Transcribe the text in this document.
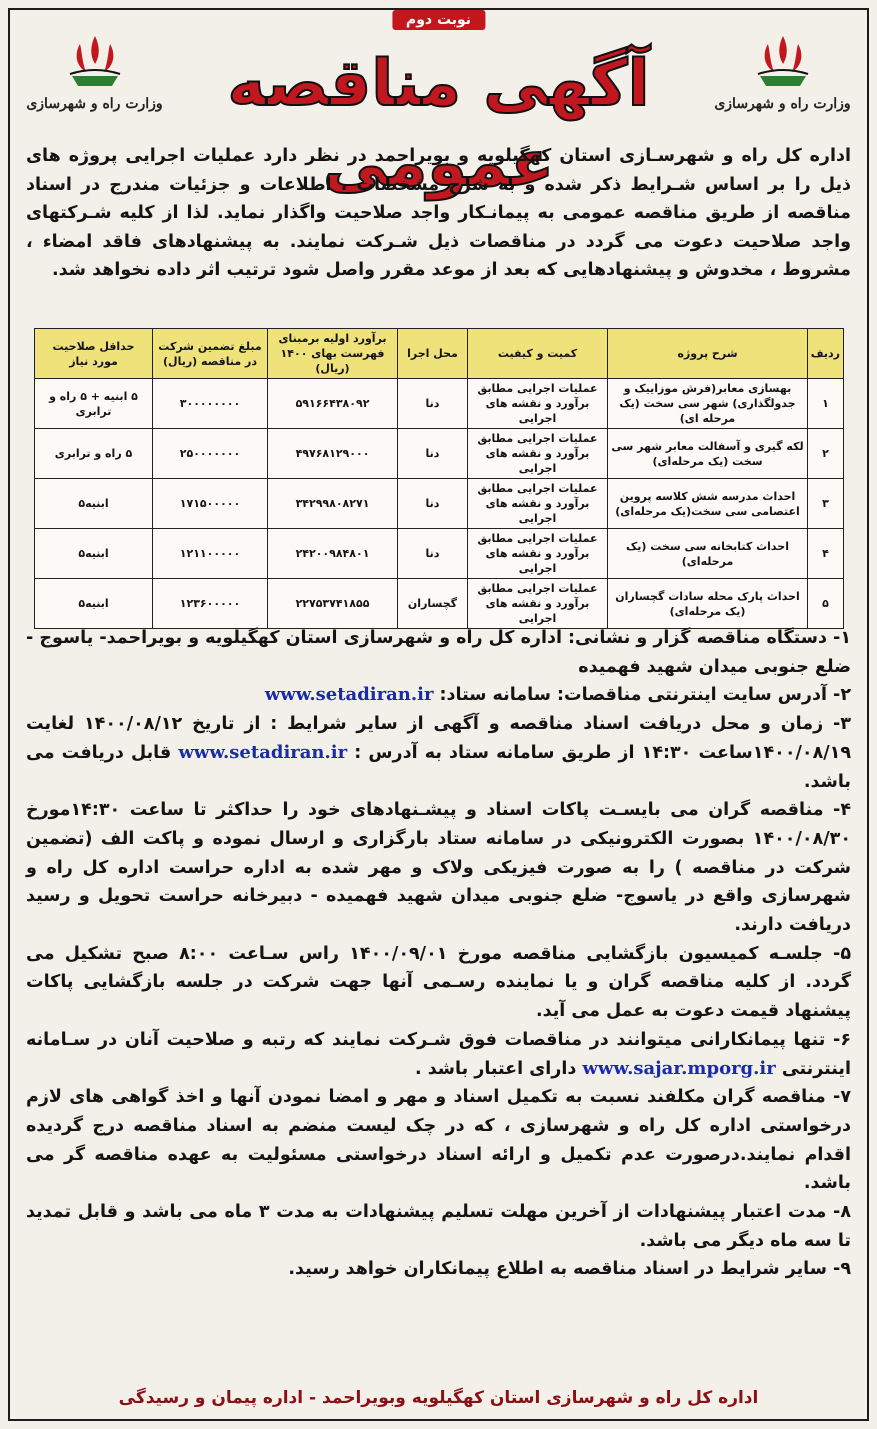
نوبت دوم
وزارت راه و شهرسازی	وزارت راه و شهرسازی
آگهی مناقصه عمومی
اداره کل راه و شهرسـازی استان کهگیلویه و بویراحمد در نظر دارد عملیات اجرایی پروژه های ذیل را بر اساس شـرایط ذکر شده و به شرح مشخصات ، اطلاعات و جزئیات مندرج در اسناد مناقصه از طریق مناقصه عمومی به پیمانـکار واجد صلاحیت واگذار نماید. لذا از کلیه شـرکتهای واجد صلاحیت دعوت می گردد در مناقصات ذیل شـرکت نمایند. به پیشنهادهای فاقد امضاء ، مشروط ، مخدوش و پیشنهادهایی که بعد از موعد مقرر واصل شود ترتیب اثر داده نخواهد شد.
ردیف	شرح پروژه	کمیت و کیفیت	محل اجرا	برآورد اولیه برمبنای فهرست بهای ۱۴۰۰ (ریال)	مبلغ تضمین شرکت در مناقصه (ریال)	حداقل صلاحیت مورد نیاز
۱	بهسازی معابر(فرش موزاییک و جدولگذاری) شهر سی سخت (یک مرحله ای)	عملیات اجرایی مطابق برآورد و نقشه های اجرایی	دنا	۵۹۱۶۶۴۳۸۰۹۲	۳۰۰۰۰۰۰۰۰	۵ ابنیه + ۵ راه و ترابری
۲	لکه گیری و آسفالت معابر شهر سی سخت (یک مرحله‌ای)	عملیات اجرایی مطابق برآورد و نقشه های اجرایی	دنا	۴۹۷۶۸۱۲۹۰۰۰	۲۵۰۰۰۰۰۰۰	۵ راه و ترابری
۳	احداث مدرسه شش کلاسه پروین اعتصامی سی سخت(یک مرحله‌ای)	عملیات اجرایی مطابق برآورد و نقشه های اجرایی	دنا	۳۴۲۹۹۸۰۸۲۷۱	۱۷۱۵۰۰۰۰۰	ابنیه۵
۴	احداث کتابخانه سی سخت (یک مرحله‌ای)	عملیات اجرایی مطابق برآورد و نقشه های اجرایی	دنا	۲۴۲۰۰۹۸۴۸۰۱	۱۲۱۱۰۰۰۰۰	ابنیه۵
۵	احداث پارک محله سادات گچساران (یک مرحله‌ای)	عملیات اجرایی مطابق برآورد و نقشه های اجرایی	گچساران	۲۲۷۵۳۷۴۱۸۵۵	۱۲۳۶۰۰۰۰۰	ابنیه۵

۱- دستگاه مناقصه گزار و نشانی: اداره کل راه و شهرسازی استان کهگیلویه و بویراحمد- یاسوج - ضلع جنوبی میدان شهید فهمیده

۲- آدرس سایت اینترنتی مناقصات: سامانه ستاد: www.setadiran.ir

۳- زمان و محل دریافت اسناد مناقصه و آگهی از سایر شرایط : از تاریخ ۱۴۰۰/۰۸/۱۲ لغایت ۱۴۰۰/۰۸/۱۹ساعت ۱۴:۳۰ از طریق سامانه ستاد به آدرس : www.setadiran.ir قابل دریافت می باشد.

۴- مناقصه گران می بایسـت پاکات اسناد و پیشـنهادهای خود را حداکثر تا ساعت ۱۴:۳۰مورخ ۱۴۰۰/۰۸/۳۰ بصورت الکترونیکی در سامانه ستاد بارگزاری و ارسال نموده و پاکت الف (تضمین شرکت در مناقصه ) را به صورت فیزیکی ولاک و مهر شده به اداره حراست اداره کل راه و شهرسازی واقع در یاسوج- ضلع جنوبی میدان شهید فهمیده - دبیرخانه حراست تحویل و رسید دریافت دارند.

۵- جلسـه کمیسیون بازگشایی مناقصه مورخ ۱۴۰۰/۰۹/۰۱ راس سـاعت ۸:۰۰ صبح تشکیل می گردد. از کلیه مناقصه گران و یا نماینده رسـمی آنها جهت شرکت در جلسه بازگشایی پاکات پیشنهاد قیمت دعوت به عمل می آید.

۶- تنها پیمانکارانی میتوانند در مناقصات فوق شـرکت نمایند که رتبه و صلاحیت آنان در سـامانه اینترنتی www.sajar.mporg.ir دارای اعتبار باشد .

۷- مناقصه گران مکلفند نسبت به تکمیل اسناد و مهر و امضا نمودن آنها و اخذ گواهی های لازم درخواستی اداره کل راه و شهرسازی ، که در چک لیست منضم به اسناد مناقصه درج گردیده اقدام نمایند.درصورت عدم تکمیل و ارائه اسناد درخواستی مسئولیت به عهده مناقصه گر می باشد.

۸- مدت اعتبار پیشنهادات از آخرین مهلت تسلیم پیشنهادات به مدت ۳ ماه می باشد و قابل تمدید تا سه ماه دیگر می باشد.

۹- سایر شرایط در اسناد مناقصه به اطلاع پیمانکاران خواهد رسید.

اداره کل راه و شهرسازی استان کهگیلویه وبویراحمد - اداره پیمان و رسیدگی
